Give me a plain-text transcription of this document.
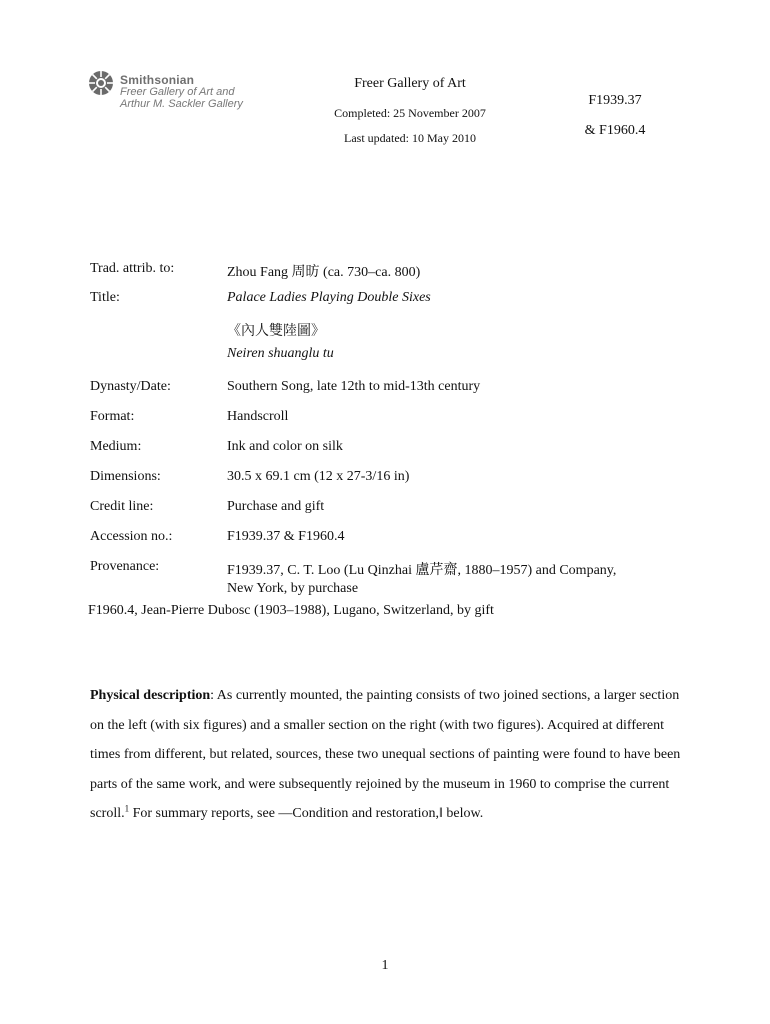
Smithsonian
Freer Gallery of Art and
Arthur M. Sackler Gallery
Freer Gallery of Art
Completed: 25 November 2007
Last updated: 10 May 2010
F1939.37
& F1960.4
Trad. attrib. to:	Zhou Fang 周昉 (ca. 730–ca. 800)
Title:	Palace Ladies Playing Double Sixes
《內人雙陸圖》
Neiren shuanglu tu
Dynasty/Date:	Southern Song, late 12th to mid-13th century
Format:	Handscroll
Medium:	Ink and color on silk
Dimensions:	30.5 x 69.1 cm (12 x 27-3/16 in)
Credit line:	Purchase and gift
Accession no.:	F1939.37 & F1960.4
Provenance:	F1939.37, C. T. Loo (Lu Qinzhai 盧芹齋, 1880–1957) and Company,
New York, by purchase
F1960.4, Jean-Pierre Dubosc (1903–1988), Lugano, Switzerland, by gift
Physical description: As currently mounted, the painting consists of two joined sections, a larger section on the left (with six figures) and a smaller section on the right (with two figures). Acquired at different times from different, but related, sources, these two unequal sections of painting were found to have been parts of the same work, and were subsequently rejoined by the museum in 1960 to comprise the current scroll.$^1$ For summary reports, see ―Condition and restoration,‖ below.
1
